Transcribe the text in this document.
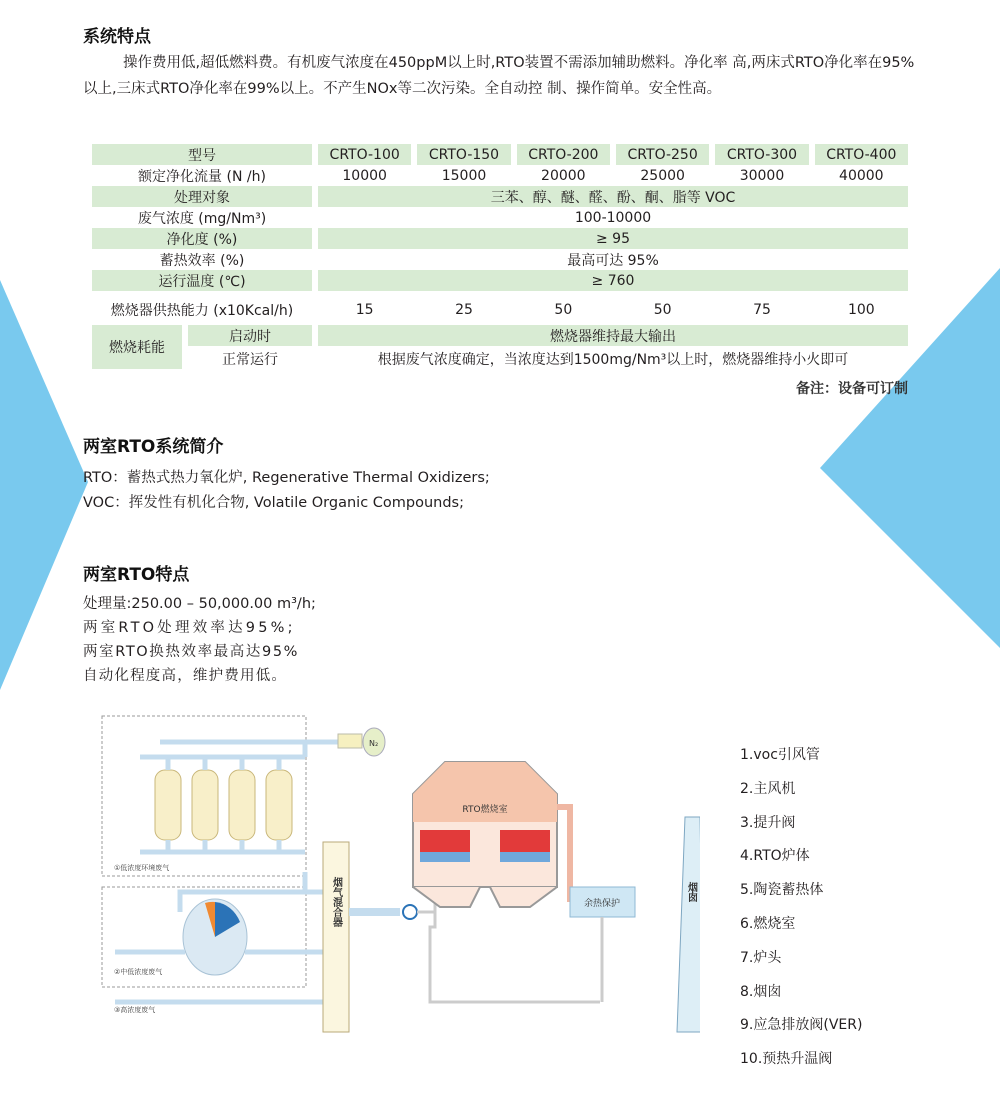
系统特点
操作费用低,超低燃料费。有机废气浓度在450ppM以上时,RTO装置不需添加辅助燃料。净化率 高,两床式RTO净化率在95%以上,三床式RTO净化率在99%以上。不产生NOx等二次污染。全自动控 制、操作简单。安全性高。
型号	CRTO-100	CRTO-150	CRTO-200	CRTO-250	CRTO-300	CRTO-400
额定净化流量 (N /h)	10000	15000	20000	25000	30000	40000
处理对象	三苯、醇、醚、醛、酚、酮、脂等 VOC
废气浓度 (mg/Nm³)	100-10000
净化度 (%)	≥ 95
蓄热效率 (%)	最高可达 95%
运行温度 (℃)	≥ 760
燃烧器供热能力 (x10Kcal/h)	15	25	50	50	75	100
燃烧耗能
启动时	燃烧器维持最大输出
正常运行	根据废气浓度确定，当浓度达到1500mg/Nm³以上时，燃烧器维持小火即可
备注：设备可订制
两室RTO系统简介
RTO：蓄热式热力氧化炉, Regenerative Thermal Oxidizers;
VOC：挥发性有机化合物, Volatile Organic Compounds;
两室RTO特点
处理量:250.00 – 50,000.00 m³/h;
两室RTO处理效率达95%;
两室RTO换热效率最高达95%
自动化程度高，维护费用低。
N₂
①低浓度环境废气
②中低浓度废气
③高浓度废气
烟气混合器
RTO燃烧室
余热保护
烟囱
1.voc引风管
2.主风机
3.提升阀
4.RTO炉体
5.陶瓷蓄热体
6.燃烧室
7.炉头
8.烟囱
9.应急排放阀(VER)
10.预热升温阀
